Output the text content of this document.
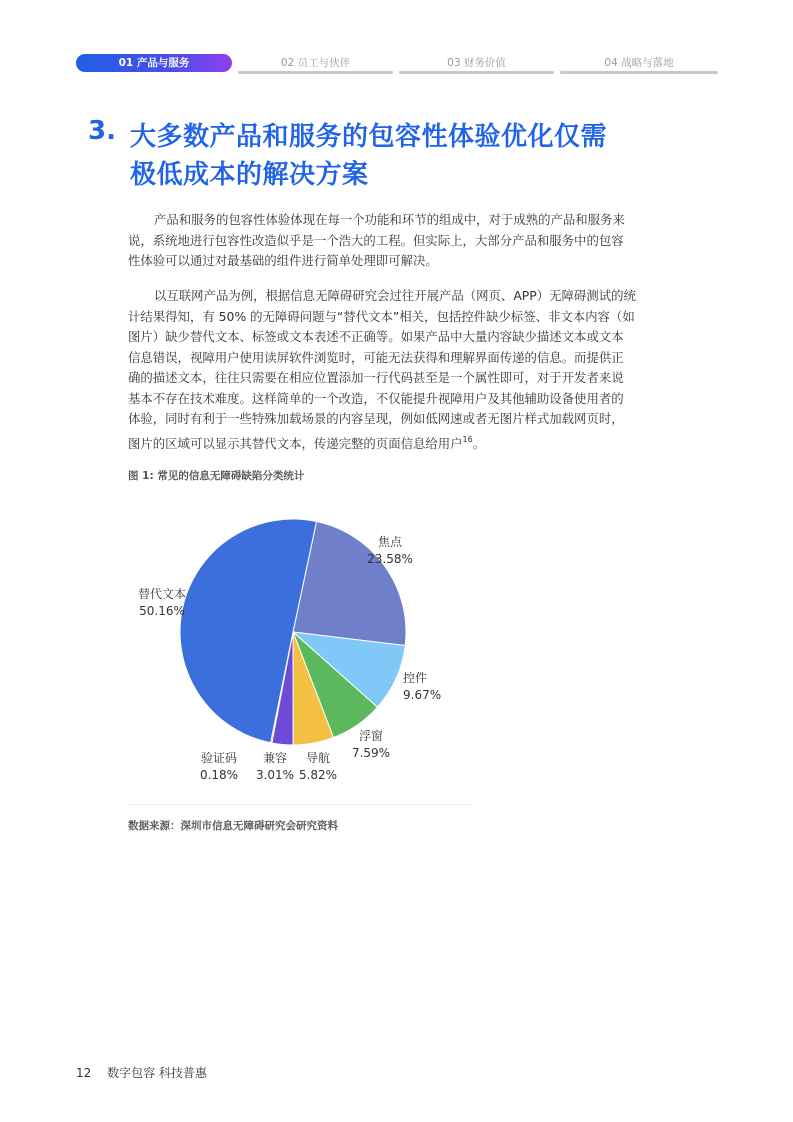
01 产品与服务	02 员工与伙伴	03 财务价值	04 战略与落地
3. 大多数产品和服务的包容性体验优化仅需
极低成本的解决方案
产品和服务的包容性体验体现在每一个功能和环节的组成中，对于成熟的产品和服务来
说，系统地进行包容性改造似乎是一个浩大的工程。但实际上，大部分产品和服务中的包容
性体验可以通过对最基础的组件进行简单处理即可解决。
以互联网产品为例，根据信息无障碍研究会过往开展产品（网页、APP）无障碍测试的统
计结果得知，有 50% 的无障碍问题与“替代文本”相关，包括控件缺少标签、非文本内容（如
图片）缺少替代文本、标签或文本表述不正确等。如果产品中大量内容缺少描述文本或文本
信息错误，视障用户使用读屏软件浏览时，可能无法获得和理解界面传递的信息。而提供正
确的描述文本，往往只需要在相应位置添加一行代码甚至是一个属性即可，对于开发者来说
基本不存在技术难度。这样简单的一个改造，不仅能提升视障用户及其他辅助设备使用者的
体验，同时有利于一些特殊加载场景的内容呈现，例如低网速或者无图片样式加载网页时，
图片的区域可以显示其替代文本，传递完整的页面信息给用户$^{16}$。
图 1: 常见的信息无障碍缺陷分类统计
焦点
23.58%
控件
9.67%
浮窗
7.59%
导航
5.82%
兼容
3.01%
验证码
0.18%
替代文本
50.16%
数据来源：深圳市信息无障碍研究会研究资料
12 数字包容 科技普惠
